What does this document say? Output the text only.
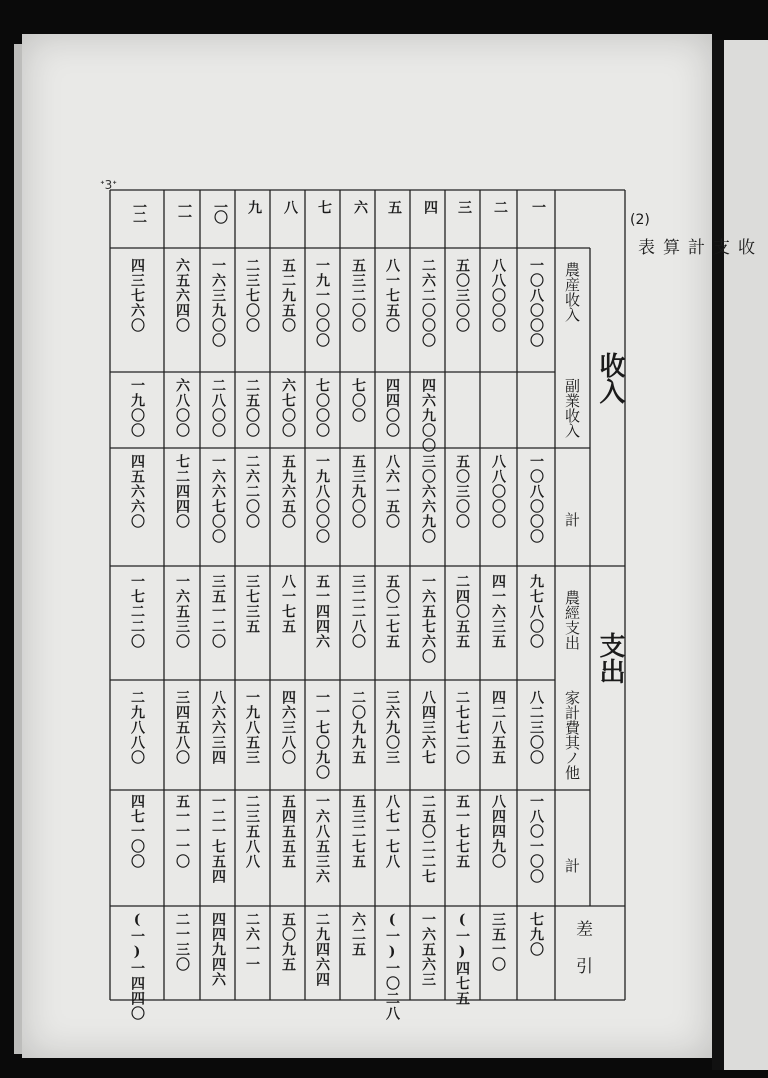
ᐩ3ᐩ
(2)
收支計算表
收入
農産收入
副業收入
計
支出
農經支出
家計費其ノ他
計
差引
一
一〇八〇〇〇
一〇八〇〇〇
九七八〇〇
八二三〇〇
一八〇一〇〇
七九〇
二
八八〇〇〇
八八〇〇〇
四一六三五
四二八五五
八四四九〇
三五一〇
三
五〇三〇〇
五〇三〇〇
二四〇五五
二七七二〇
五一七七五
(一)四七五
四
二六二〇〇〇
四六九〇〇
三〇六六九〇
一六五七六〇
八四三六七
二五〇二二七
一六五六三
五
八一七五〇
四四〇〇
八六一五〇
五〇二七五
三六九〇三
八七一七八
(一)一〇二八
六
五三二〇〇
七〇〇
五三九〇〇
三二二八〇
二〇九九五
五三二七五
六二五
七
一九一〇〇〇
七〇〇〇
一九八〇〇〇
五一四四六
一一七〇九〇
一六八五三六
二九四六四
八
五二九五〇
六七〇〇
五九六五〇
八一七五
四六三八〇
五四五五五
五〇九五
九
二三七〇〇
二五〇〇
二六二〇〇
三七三五
一九八五三
二三五八八
二六一一
一〇
一六三九〇〇
二八〇〇
一六六七〇〇
三五一二〇
八六六三四
一二一七五四
四四九四六
一一
六五六四〇
六八〇〇
七二四四〇
一六五三〇
三四五八〇
五一一一〇
二一三〇
一二
四三七六〇
一九〇〇
四五六六〇
一七二二〇
二九八八〇
四七一〇〇
(一)一四四〇
